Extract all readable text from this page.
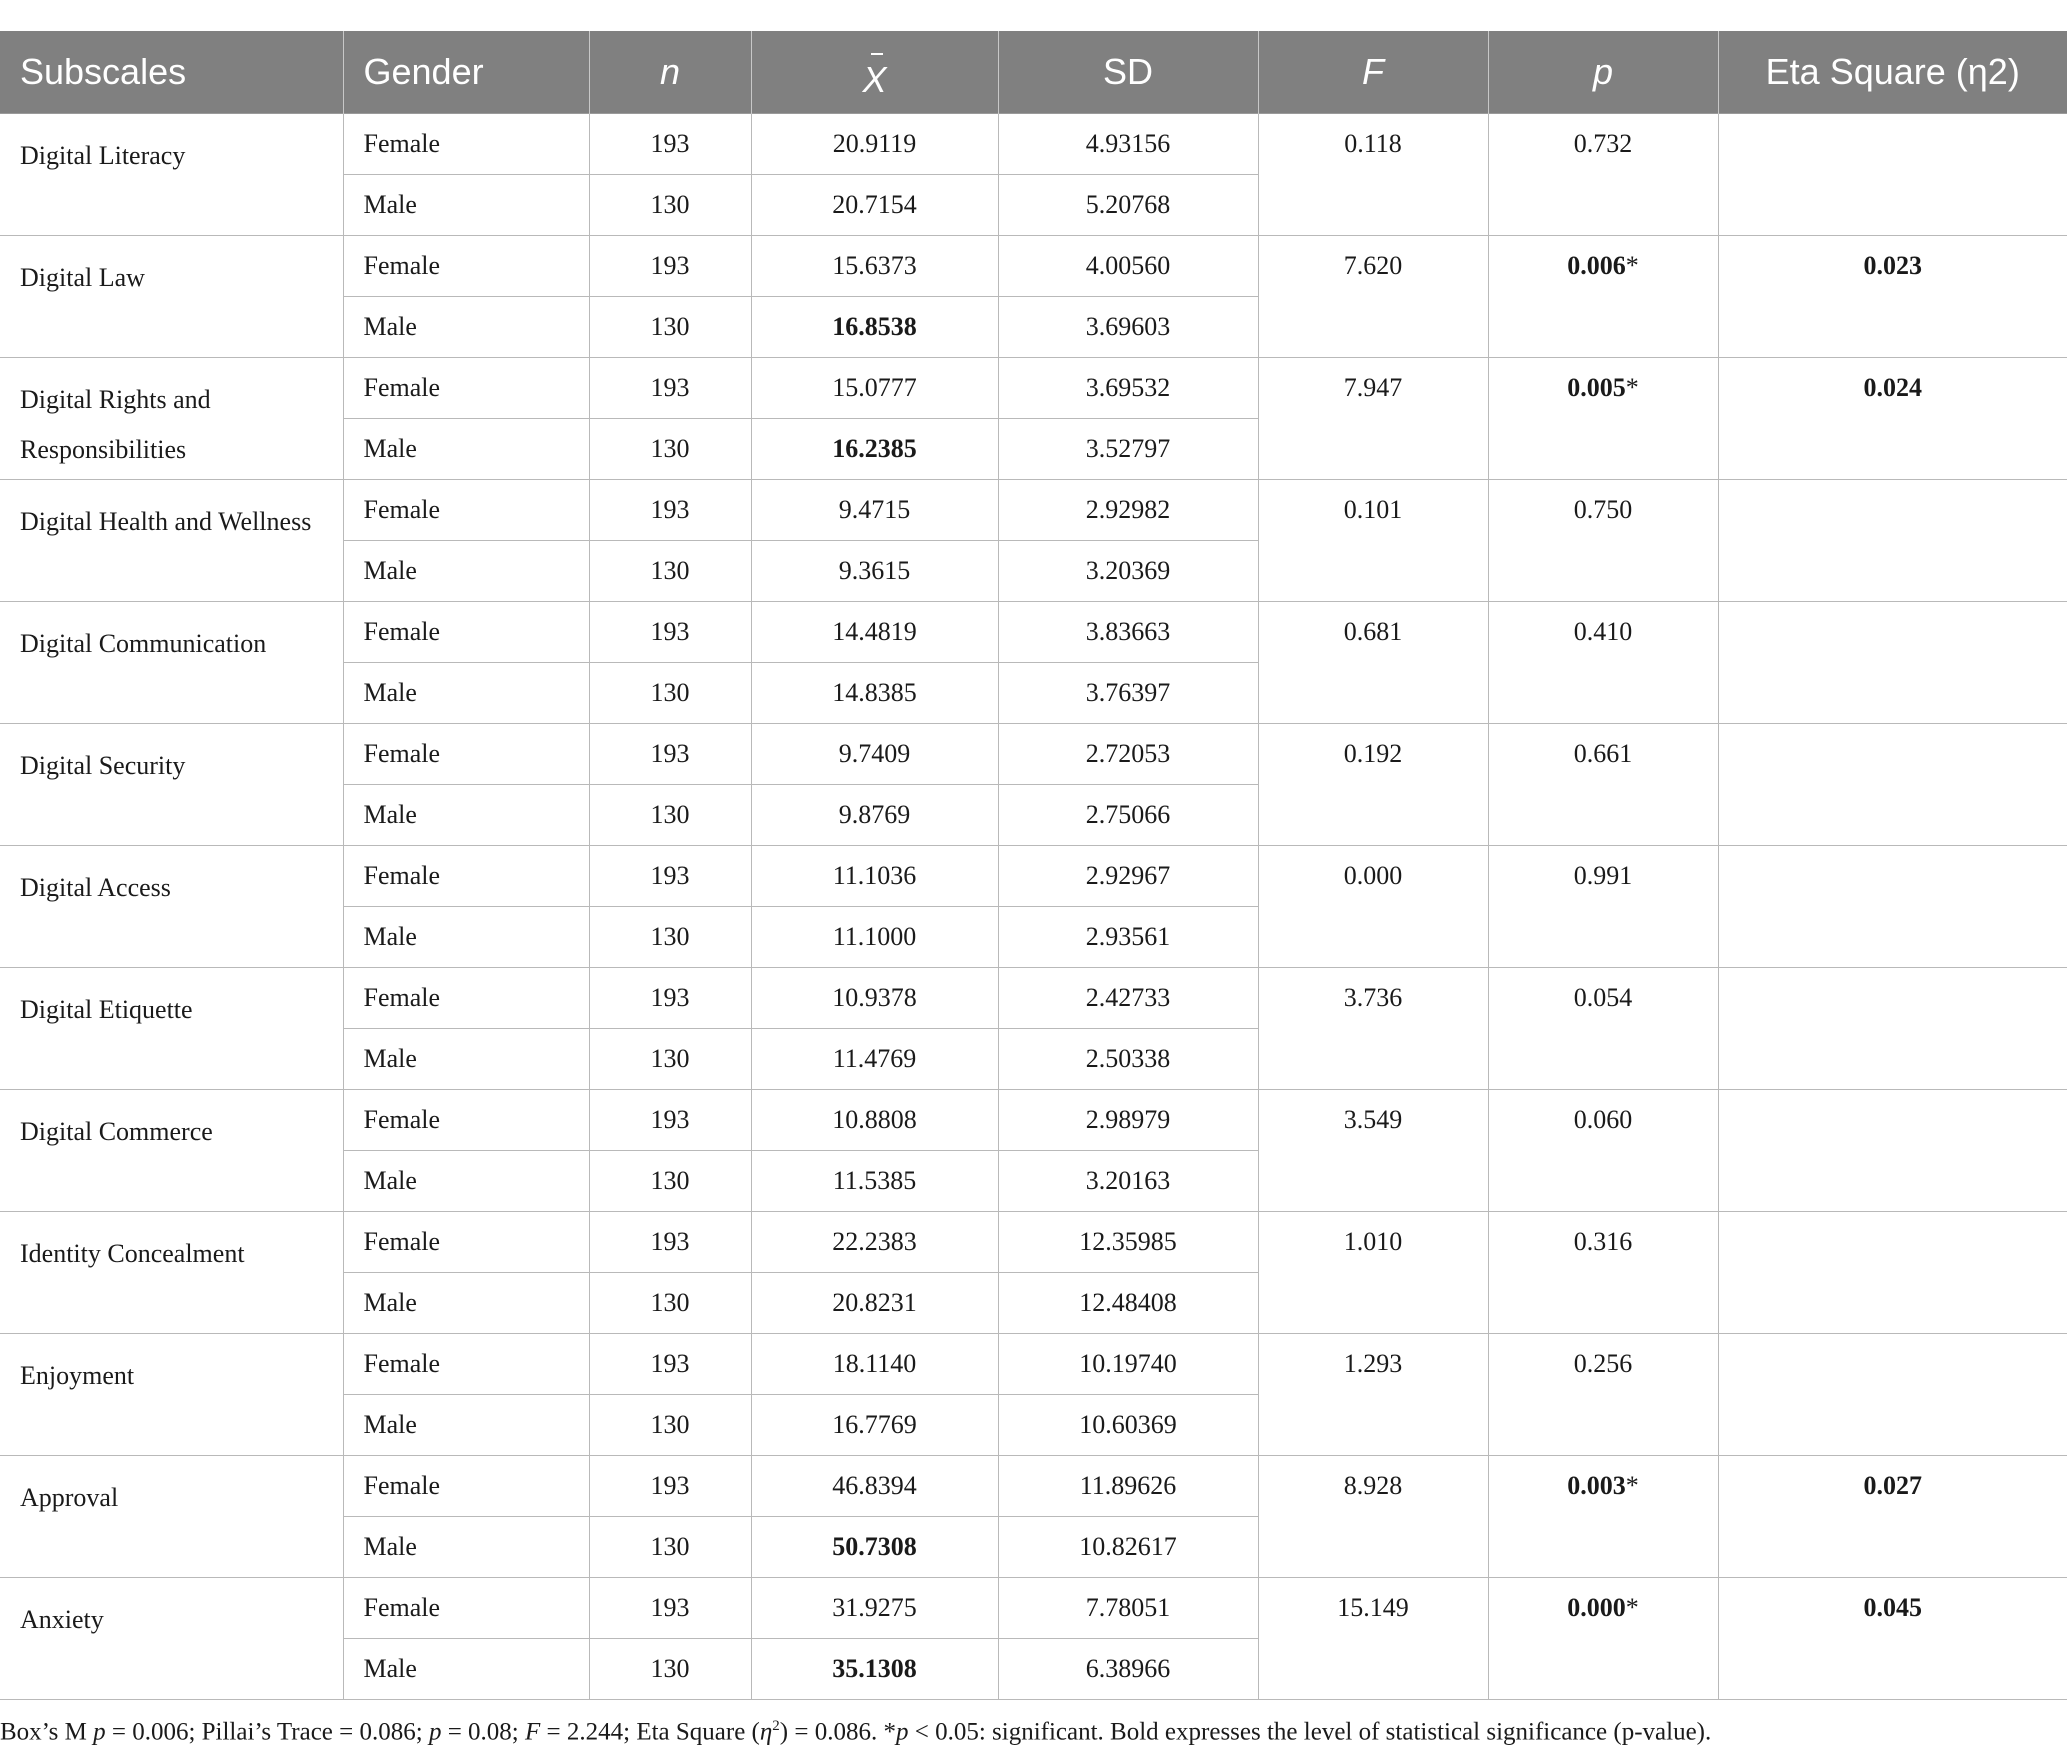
Subscales	Gender	n	X	SD	F	p	Eta Square (η2)
Digital Literacy	Female	193	20.9119	4.93156	0.118	0.732	
	Male	130	20.7154	5.20768			
Digital Law	Female	193	15.6373	4.00560	7.620	0.006*	0.023
	Male	130	16.8538	3.69603			
Digital Rights and Responsibilities	Female	193	15.0777	3.69532	7.947	0.005*	0.024
	Male	130	16.2385	3.52797			
Digital Health and Wellness	Female	193	9.4715	2.92982	0.101	0.750	
	Male	130	9.3615	3.20369			
Digital Communication	Female	193	14.4819	3.83663	0.681	0.410	
	Male	130	14.8385	3.76397			
Digital Security	Female	193	9.7409	2.72053	0.192	0.661	
	Male	130	9.8769	2.75066			
Digital Access	Female	193	11.1036	2.92967	0.000	0.991	
	Male	130	11.1000	2.93561			
Digital Etiquette	Female	193	10.9378	2.42733	3.736	0.054	
	Male	130	11.4769	2.50338			
Digital Commerce	Female	193	10.8808	2.98979	3.549	0.060	
	Male	130	11.5385	3.20163			
Identity Concealment	Female	193	22.2383	12.35985	1.010	0.316	
	Male	130	20.8231	12.48408			
Enjoyment	Female	193	18.1140	10.19740	1.293	0.256	
	Male	130	16.7769	10.60369			
Approval	Female	193	46.8394	11.89626	8.928	0.003*	0.027
	Male	130	50.7308	10.82617			
Anxiety	Female	193	31.9275	7.78051	15.149	0.000*	0.045
	Male	130	35.1308	6.38966			
Box’s M p = 0.006; Pillai’s Trace = 0.086; p = 0.08; F = 2.244; Eta Square $(\eta^2) = 0.086$. *p < 0.05: significant. Bold expresses the level of statistical significance (p-value).
